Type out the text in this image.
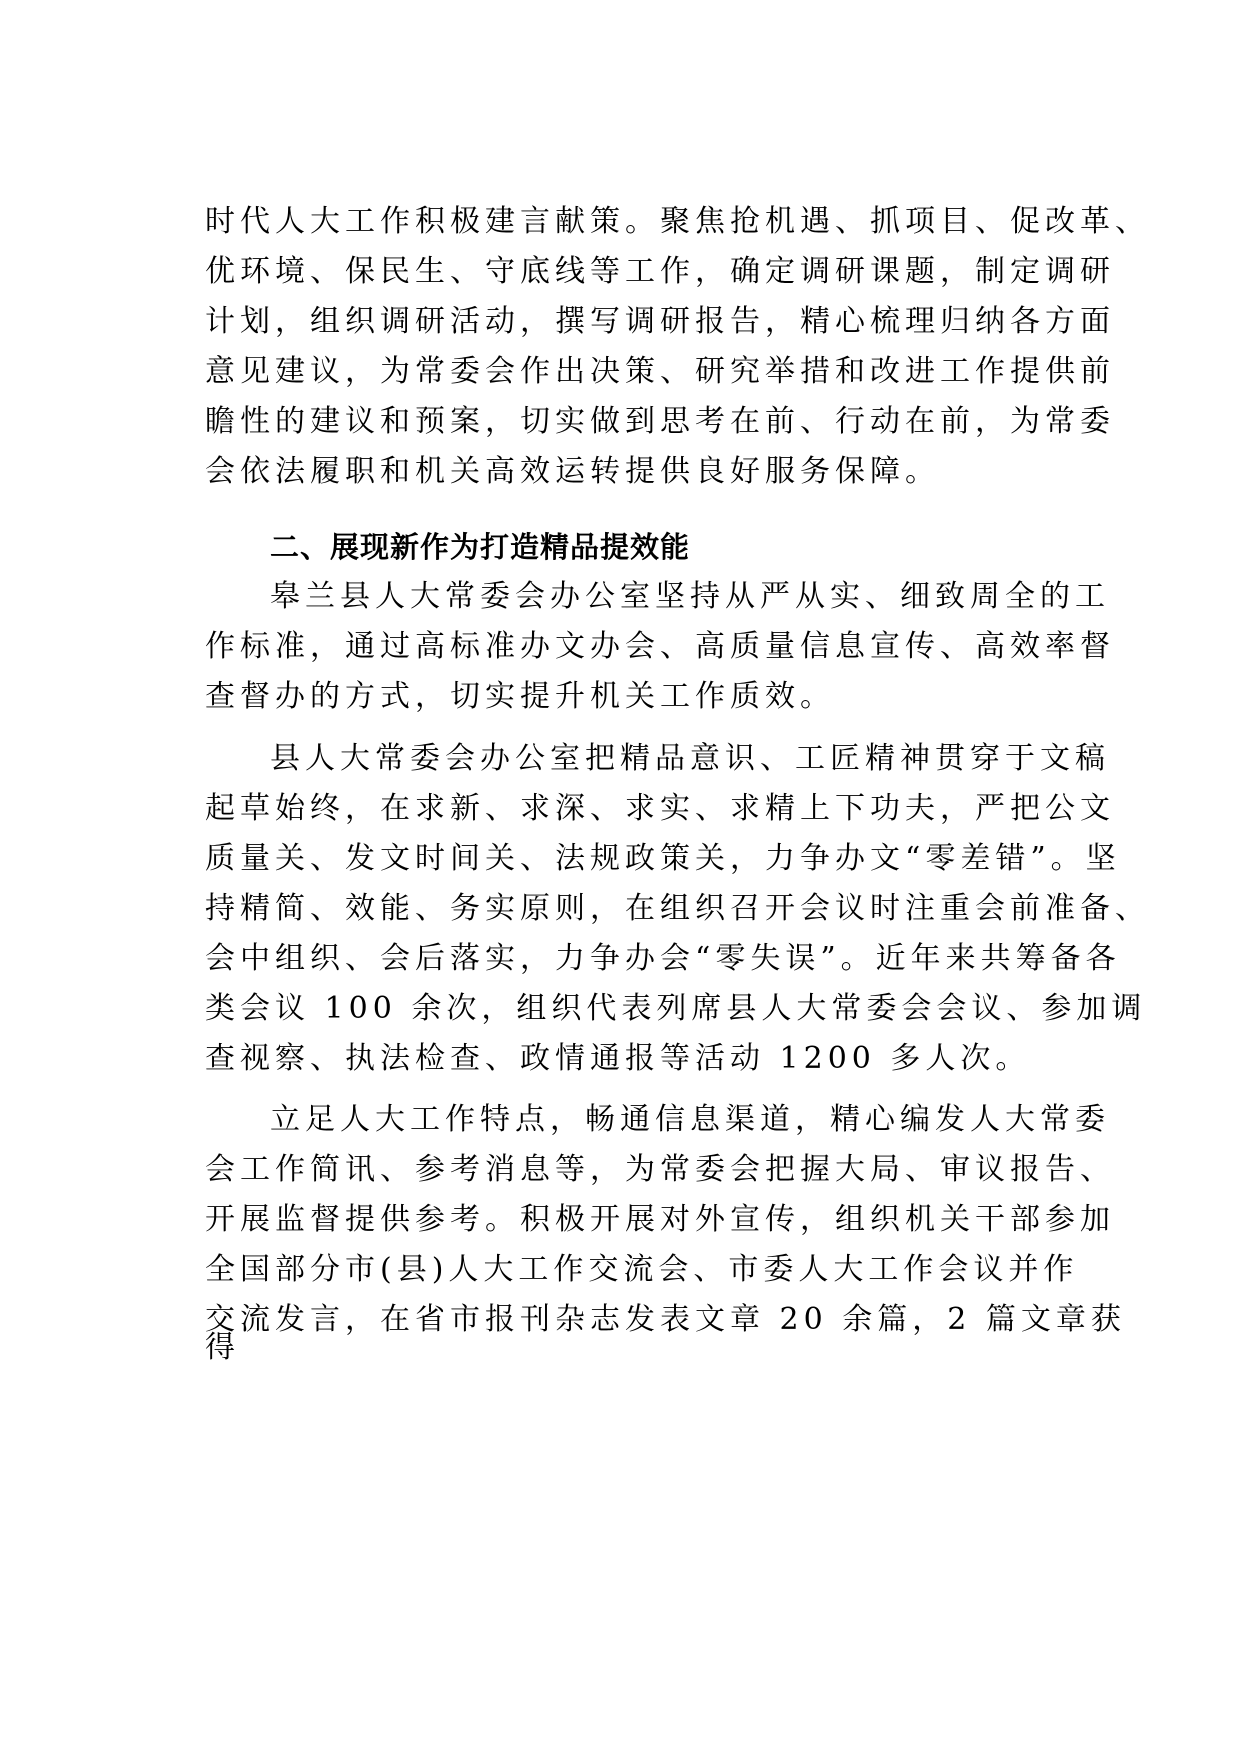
时代人大工作积极建言献策。聚焦抢机遇、抓项目、促改革、
优环境、保民生、守底线等工作，确定调研课题，制定调研
计划，组织调研活动，撰写调研报告，精心梳理归纳各方面
意见建议，为常委会作出决策、研究举措和改进工作提供前
瞻性的建议和预案，切实做到思考在前、行动在前，为常委
会依法履职和机关高效运转提供良好服务保障。
二、展现新作为打造精品提效能
皋兰县人大常委会办公室坚持从严从实、细致周全的工
作标准，通过高标准办文办会、高质量信息宣传、高效率督
查督办的方式，切实提升机关工作质效。
县人大常委会办公室把精品意识、工匠精神贯穿于文稿
起草始终，在求新、求深、求实、求精上下功夫，严把公文
质量关、发文时间关、法规政策关，力争办文“零差错”。坚
持精简、效能、务实原则，在组织召开会议时注重会前准备、
会中组织、会后落实，力争办会“零失误”。近年来共筹备各
类会议 100 余次，组织代表列席县人大常委会会议、参加调
查视察、执法检查、政情通报等活动 1200 多人次。
立足人大工作特点，畅通信息渠道，精心编发人大常委
会工作简讯、参考消息等，为常委会把握大局、审议报告、
开展监督提供参考。积极开展对外宣传，组织机关干部参加
全国部分市(县)人大工作交流会、市委人大工作会议并作
交流发言，在省市报刊杂志发表文章 20 余篇，2 篇文章获
得
